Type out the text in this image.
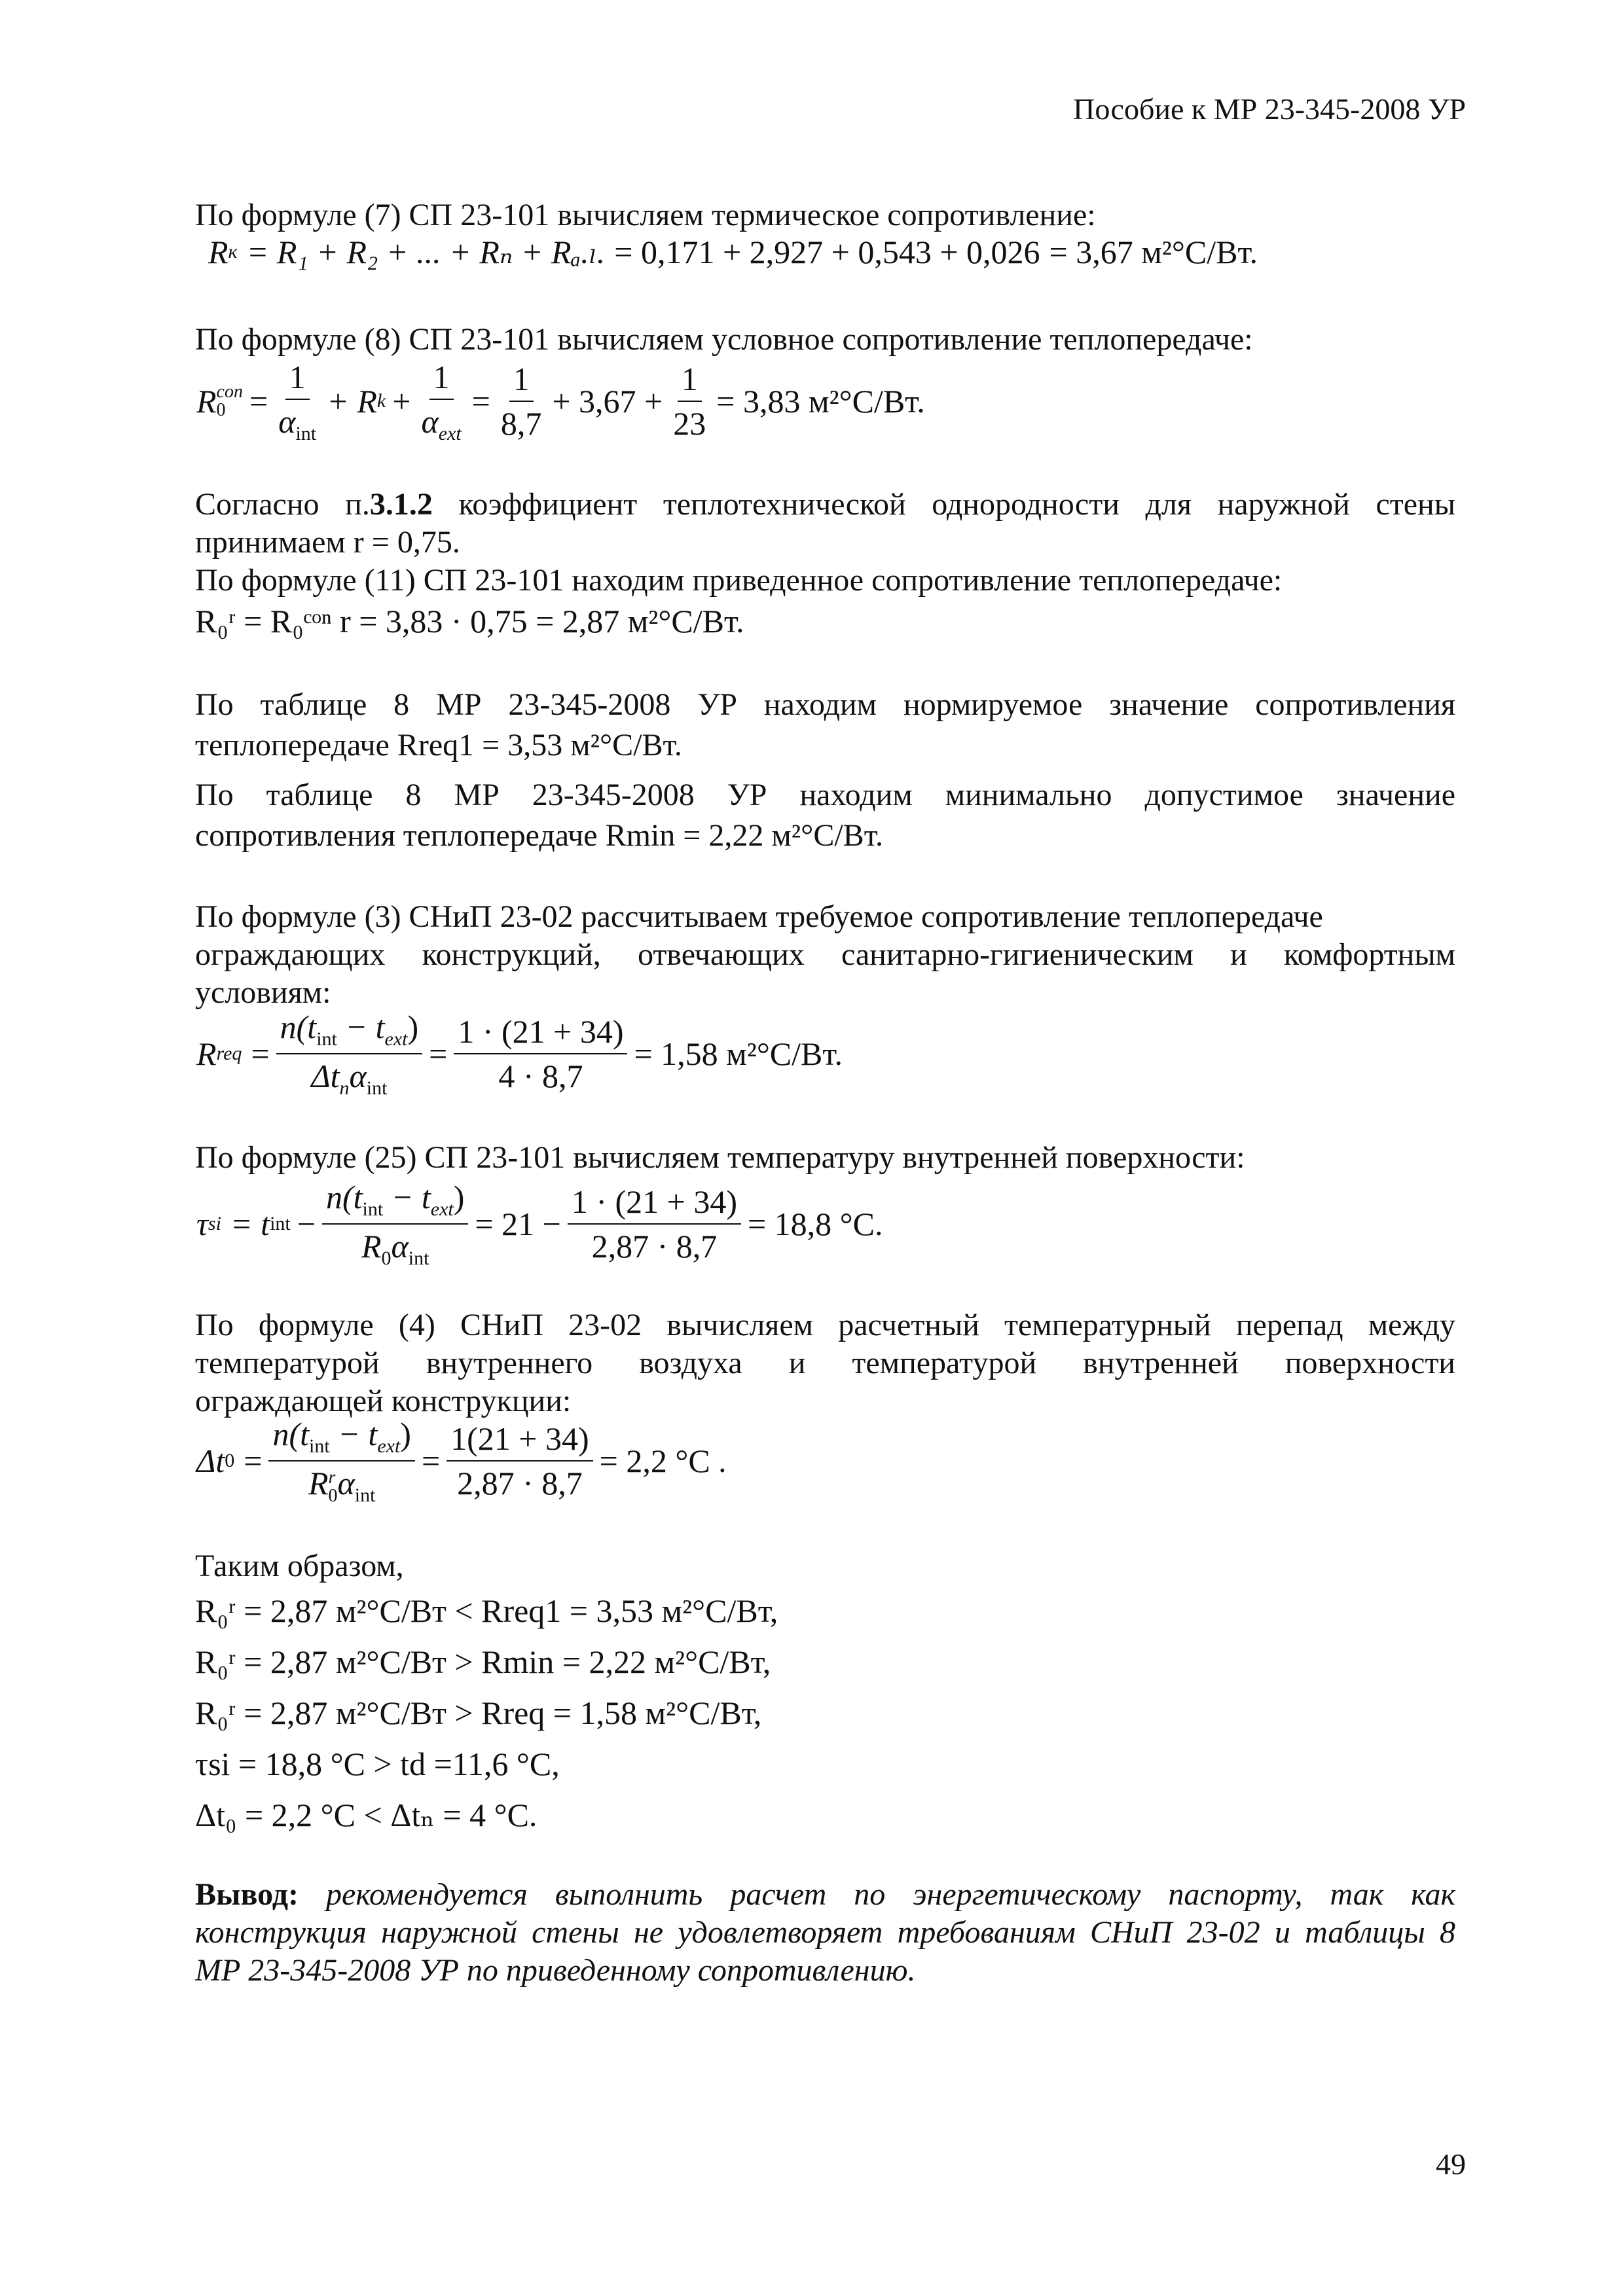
Пособие к МР 23-345-2008 УР
По формуле (7) СП 23-101 вычисляем термическое сопротивление:
R к = R₁ + R₂ + ... + Rₙ + Rₐ.ₗ. = 0,171 + 2,927 + 0,543 + 0,026 = 3,67 м²°С/Вт.
По формуле (8) СП 23-101 вычисляем условное сопротивление теплопередаче:
R con
$0 = \frac{1}{\alpha_{int}} + R$ $k + \frac{1}{\alpha_{ext}} = \frac{1}{8,7} + 3,67 + \frac{1}{23} = 3,83$ м²°С/Вт.
Согласно п.3.1.2 коэффициент теплотехнической однородности для наружной стены
принимаем r = 0,75.
По формуле (11) СП 23-101 находим приведенное сопротивление теплопередаче:
R₀ʳ = R₀ᶜᵒⁿ r = 3,83 · 0,75 = 2,87 м²°С/Вт.
По таблице 8 МР 23-345-2008 УР находим нормируемое значение сопротивления
теплопередаче Rreq1 = 3,53 м²°С/Вт.
По таблице 8 МР 23-345-2008 УР находим минимально допустимое значение
сопротивления теплопередаче Rmin = 2,22 м²°С/Вт.
По формуле (3) СНиП 23-02 рассчитываем требуемое сопротивление теплопередаче
ограждающих конструкций, отвечающих санитарно-гигиеническим и комфортным
условиям:
R req = $\frac{n(t_{int} - t_{ext})}{\Delta t_n\alpha_{int}} = \frac{1 \cdot (21 + 34)}{4 \cdot 8,7} = 1,58$ м²°С/Вт.
По формуле (25) СП 23-101 вычисляем температуру внутренней поверхности:
τ si = t int − $\frac{n(t_{int} - t_{ext})}{R_0\alpha_{int}} = 21 - \frac{1 \cdot (21 + 34)}{2,87 \cdot 8,7} = 18,8$ °С.
По формуле (4) СНиП 23-02 вычисляем расчетный температурный перепад между
температурой внутреннего воздуха и температурой внутренней поверхности
ограждающей конструкции:
Δt $0 = n(t_{int} - t_{ext})$
R r
0 $\alpha_{int} = \frac{1(21 + 34)}{2,87 \cdot 8,7} = 2,2$ °С .
Таким образом,
R₀ʳ = 2,87 м²°С/Вт < Rreq1 = 3,53 м²°С/Вт,
R₀ʳ = 2,87 м²°С/Вт > Rmin = 2,22 м²°С/Вт,
R₀ʳ = 2,87 м²°С/Вт > Rreq = 1,58 м²°С/Вт,
τsi = 18,8 °С > td =11,6 °С,
Δt₀ = 2,2 °С < Δtₙ = 4 °С.
Вывод: рекомендуется выполнить расчет по энергетическому паспорту, так как
конструкция наружной стены не удовлетворяет требованиям СНиП 23-02 и таблицы 8
МР 23-345-2008 УР по приведенному сопротивлению.
49
